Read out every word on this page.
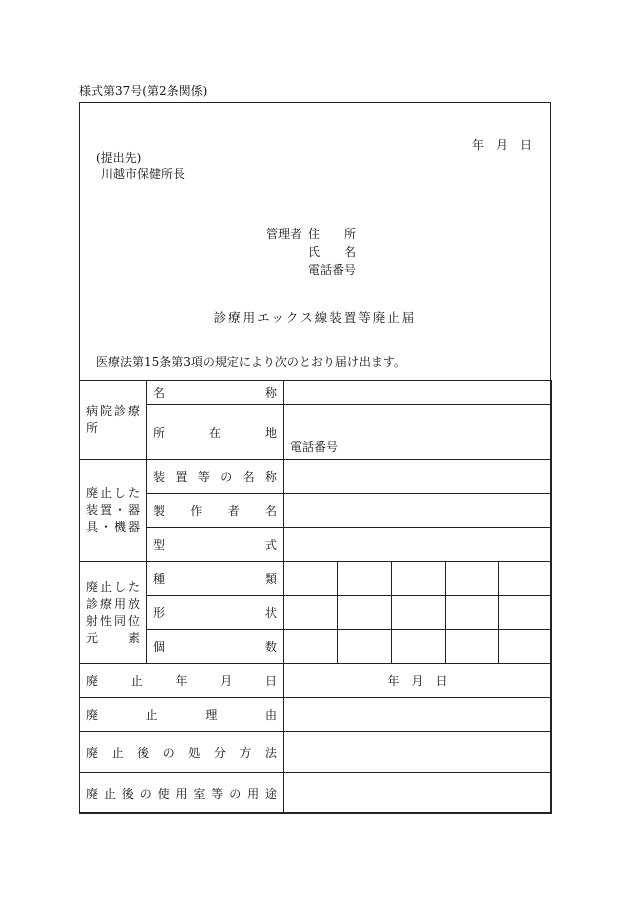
様式第37号(第2条関係)
年　月　日
(提出先)
川越市保健所長
管理者	住　　所
氏　　名
電話番号
診療用エックス線装置等廃止届
医療法第15条第3項の規定により次のとおり届け出ます。
病院診療所	名称					
	所在地	電話番号				

廃止した装置・器具・機器	装置等の名称					
	製作者名					
	型式					

廃止した診療用放射性同位元素	種類					
	形状					
	個数					
廃止年月日		年　月　日				
廃止理由						
廃止後の処分方法						
廃止後の使用室等の用途						
